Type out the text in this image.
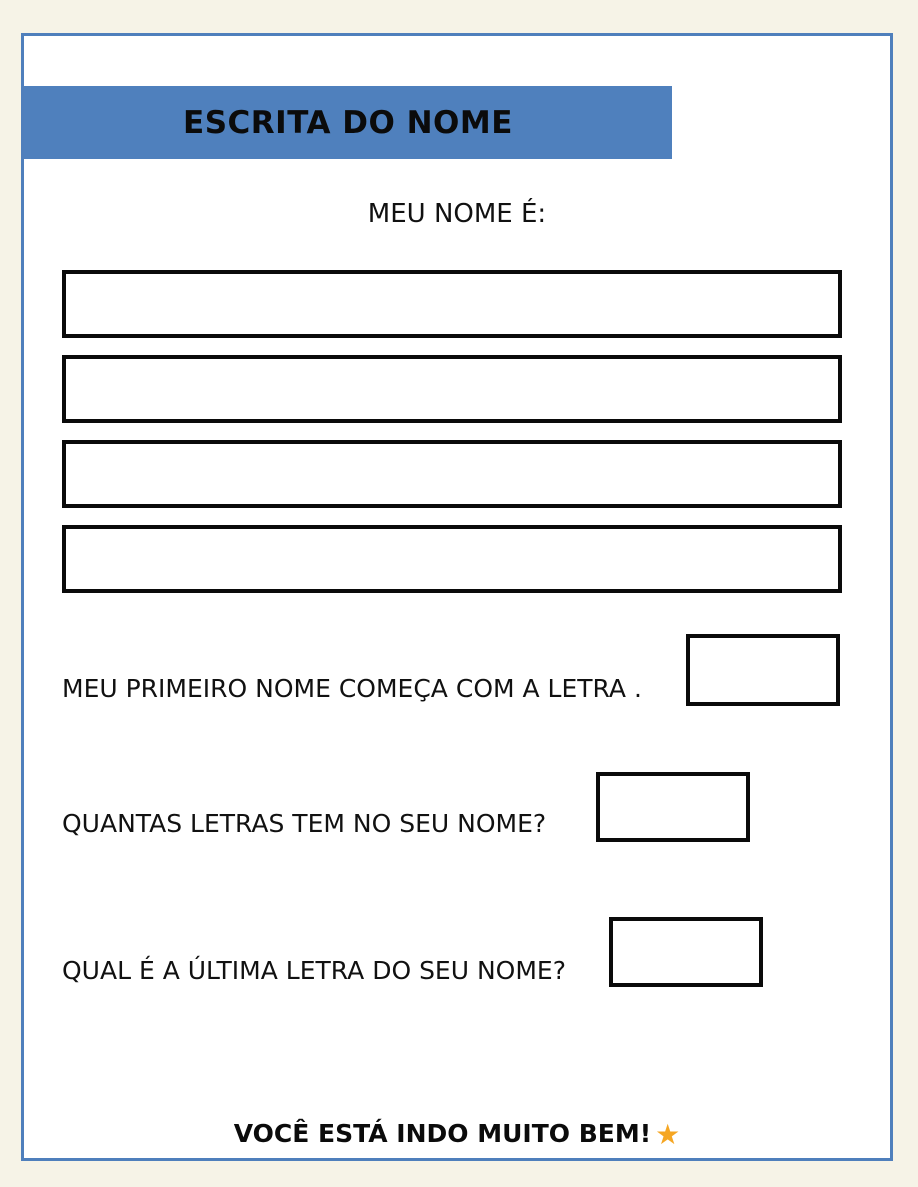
ESCRITA DO NOME
MEU NOME É:
MEU PRIMEIRO NOME COMEÇA COM A LETRA .
QUANTAS LETRAS TEM NO SEU NOME?
QUAL É A ÚLTIMA LETRA DO SEU NOME?
VOCÊ ESTÁ INDO MUITO BEM! ★
